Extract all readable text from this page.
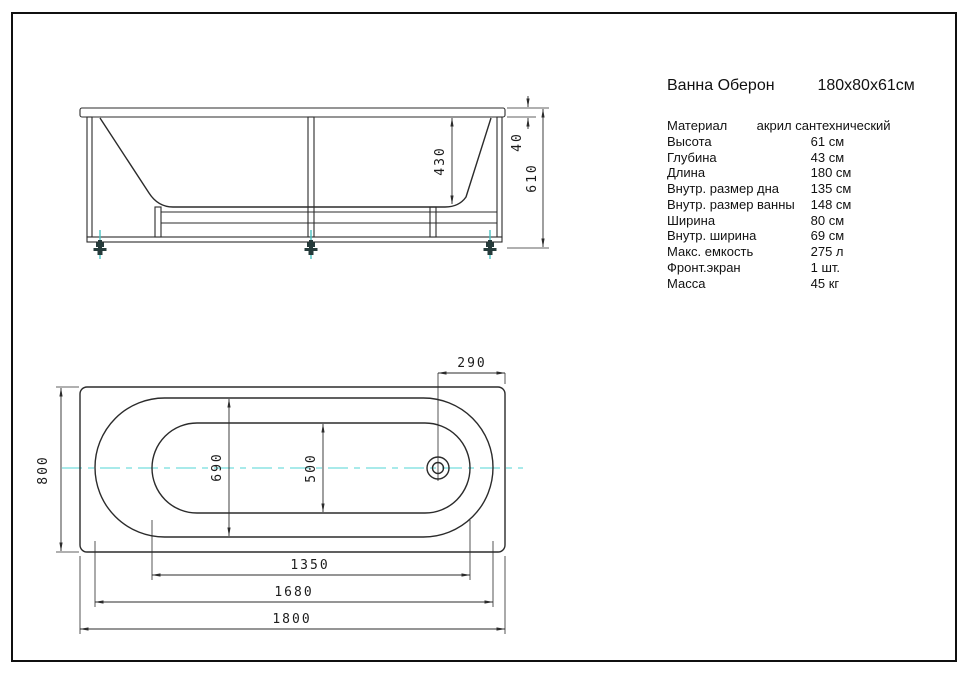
430
40
610
290
800	690	500
1350
1680
1800
Ванна Оберон	180x80x61см
Материал акрил сантехнический
Высота	61 см
Глубина	43 см
Длина	180 см
Внутр. размер дна 135 см
Внутр. размер ванны 148 см
Ширина	80 см
Внутр. ширина	69 см
Макс. емкость	275 л
Фронт.экран	1 шт.
Масса	45 кг
